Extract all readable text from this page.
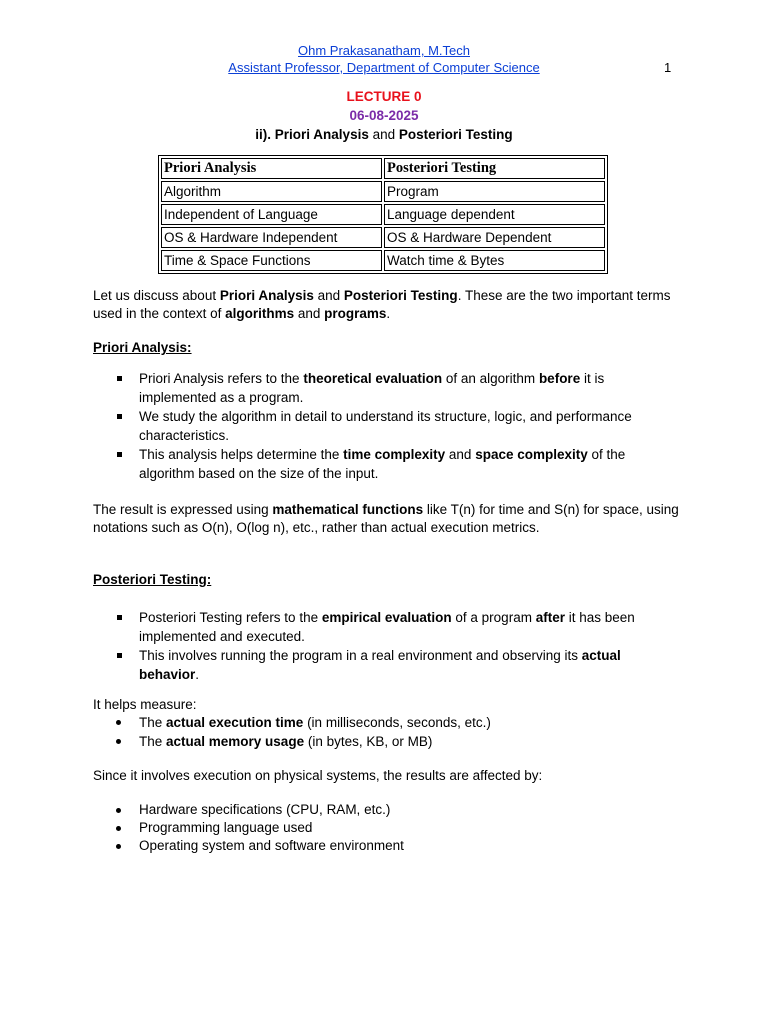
Ohm Prakasanatham, M.Tech
Assistant Professor, Department of Computer Science	1
LECTURE 0
06-08-2025
ii). Priori Analysis and Posteriori Testing
Priori Analysis	Posteriori Testing
Algorithm	Program
Independent of Language	Language dependent
OS & Hardware Independent	OS & Hardware Dependent
Time & Space Functions	Watch time & Bytes
Let us discuss about Priori Analysis and Posteriori Testing. These are the two important terms used in the context of algorithms and programs.
Priori Analysis:
Priori Analysis refers to the theoretical evaluation of an algorithm before it is implemented as a program.
We study the algorithm in detail to understand its structure, logic, and performance characteristics.
This analysis helps determine the time complexity and space complexity of the algorithm based on the size of the input.
The result is expressed using mathematical functions like T(n) for time and S(n) for space, using notations such as O(n), O(log n), etc., rather than actual execution metrics.
Posteriori Testing:
Posteriori Testing refers to the empirical evaluation of a program after it has been implemented and executed.
This involves running the program in a real environment and observing its actual behavior.
It helps measure:
The actual execution time (in milliseconds, seconds, etc.)
The actual memory usage (in bytes, KB, or MB)
Since it involves execution on physical systems, the results are affected by:
Hardware specifications (CPU, RAM, etc.)
Programming language used
Operating system and software environment
